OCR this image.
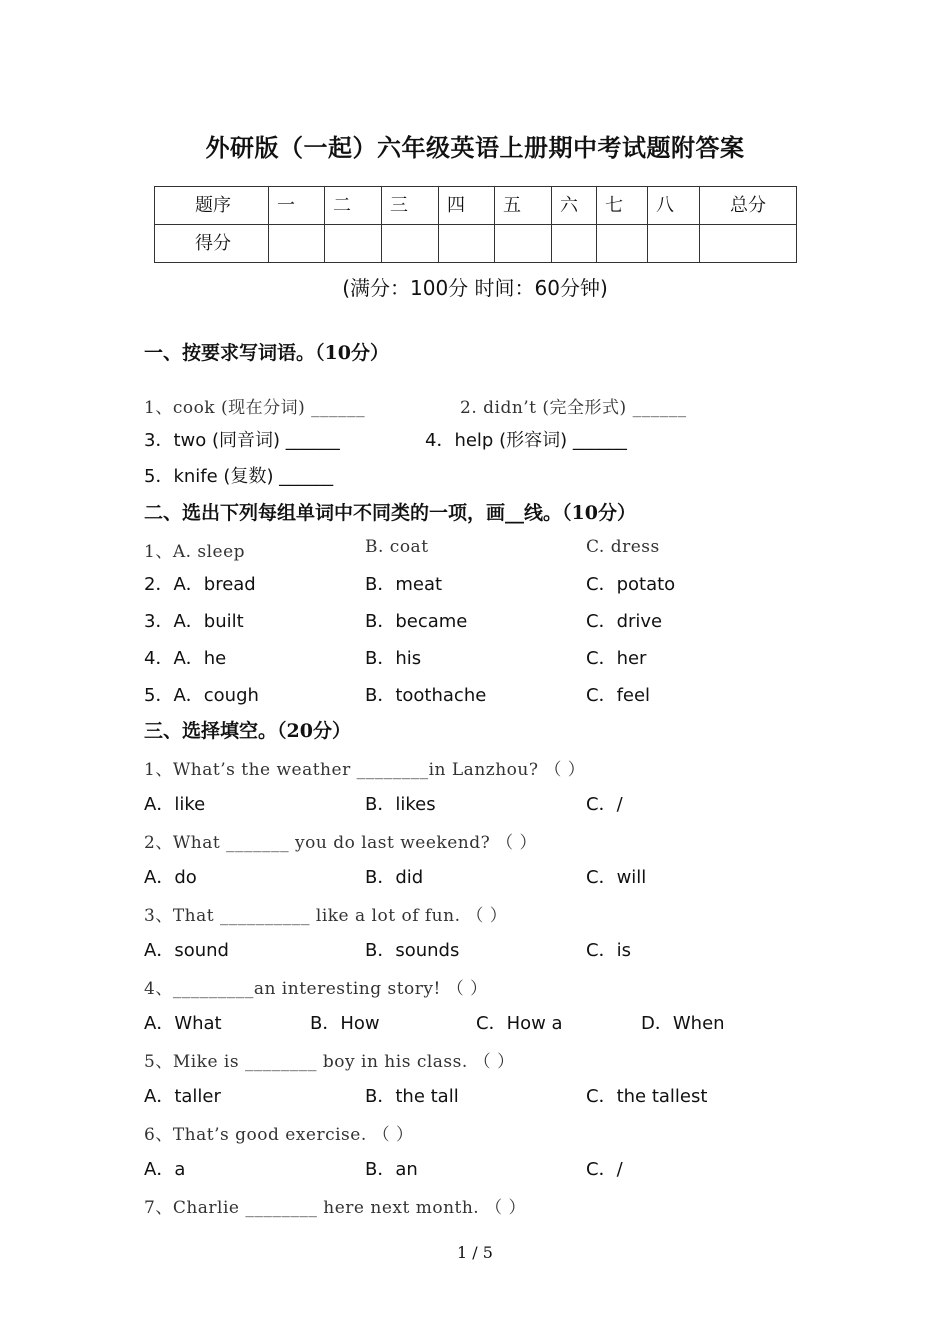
外研版（一起）六年级英语上册期中考试题附答案
题序	一	二	三	四	五	六	七	八	总分
得分									
(满分：100分 时间：60分钟)
一、按要求写词语。（10分）
1、cook (现在分词) ______	2. didn’t (完全形式) ______
3．two (同音词) ______	4．help (形容词) ______
5．knife (复数) ______
二、选出下列每组单词中不同类的一项，画__线。（10分）
1、A. sleep	B. coat	C. dress
2．A．bread	B．meat	C．potato
3．A．built	B．became	C．drive
4．A．he	B．his	C．her
5．A．cough	B．toothache	C．feel
三、选择填空。（20分）
1、What’s the weather ________in Lanzhou? （ ）
A．like	B．likes	C．/
2、What _______ you do last weekend? （ ）
A．do	B．did	C．will
3、That __________ like a lot of fun. （ ）
A．sound	B．sounds	C．is
4、_________an interesting story! （ ）
A．What	B．How	C．How a	D．When
5、Mike is ________ boy in his class. （ ）
A．taller	B．the tall	C．the tallest
6、That’s good exercise. （ ）
A．a	B．an	C．/
7、Charlie ________ here next month. （ ）
1 / 5
